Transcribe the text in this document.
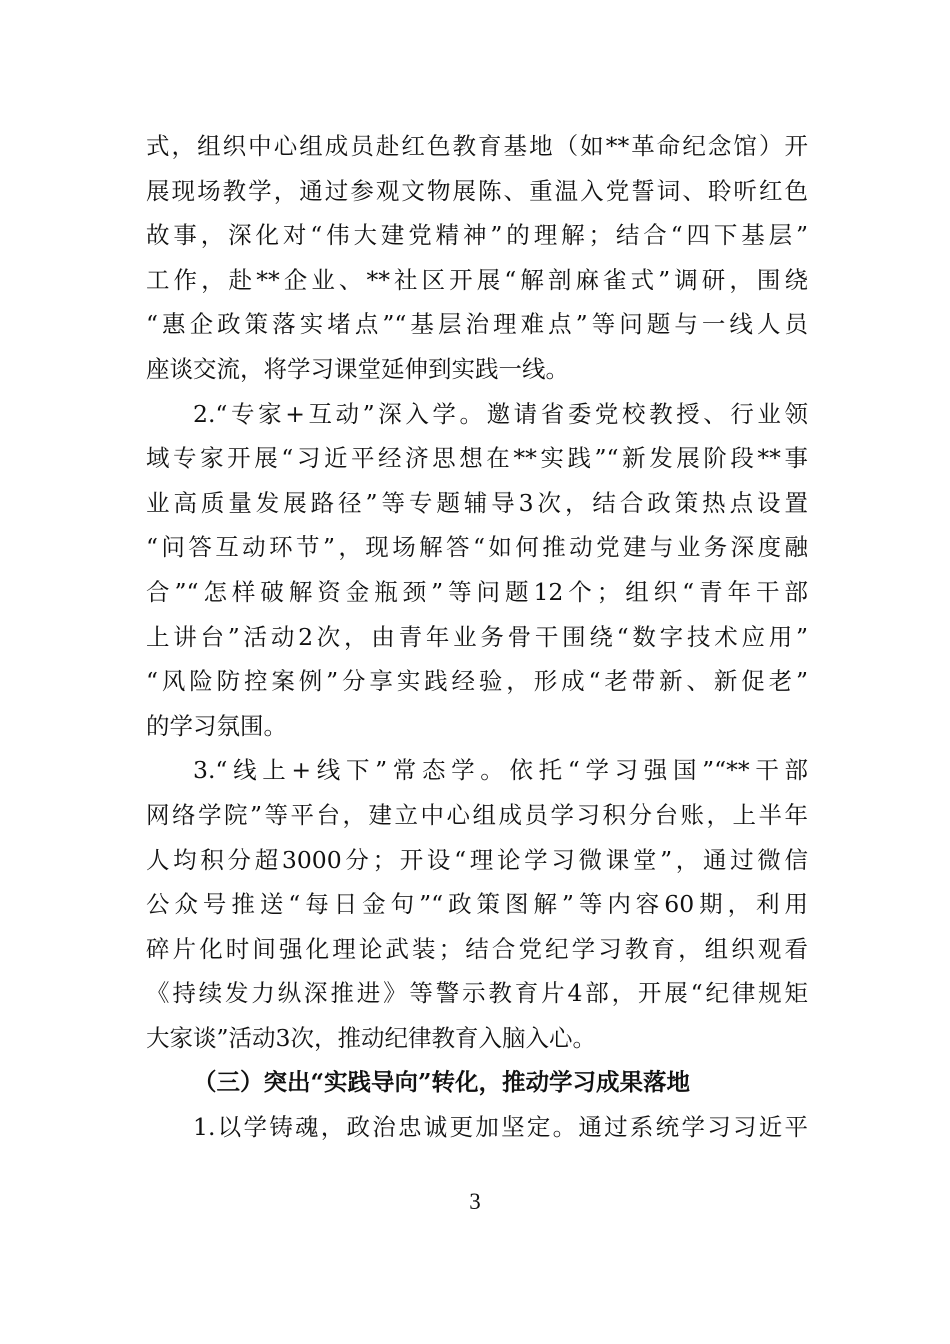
式，组织中心组成员赴红色教育基地（如**革命纪念馆）开
展现场教学，通过参观文物展陈、重温入党誓词、聆听红色
故事，深化对“伟大建党精神”的理解；结合“四下基层”
工作，赴**企业、**社区开展“解剖麻雀式”调研，围绕
“惠企政策落实堵点”“基层治理难点”等问题与一线人员
座谈交流，将学习课堂延伸到实践一线。
2.“专家+互动”深入学。邀请省委党校教授、行业领
域专家开展“习近平经济思想在**实践”“新发展阶段**事
业高质量发展路径”等专题辅导3次，结合政策热点设置
“问答互动环节”，现场解答“如何推动党建与业务深度融
合”“怎样破解资金瓶颈”等问题12个；组织“青年干部
上讲台”活动2次，由青年业务骨干围绕“数字技术应用”
“风险防控案例”分享实践经验，形成“老带新、新促老”
的学习氛围。
3.“线上+线下”常态学。依托“学习强国”“**干部
网络学院”等平台，建立中心组成员学习积分台账，上半年
人均积分超3000分；开设“理论学习微课堂”，通过微信
公众号推送“每日金句”“政策图解”等内容60期，利用
碎片化时间强化理论武装；结合党纪学习教育，组织观看
《持续发力纵深推进》等警示教育片4部，开展“纪律规矩
大家谈”活动3次，推动纪律教育入脑入心。
（三）突出“实践导向”转化，推动学习成果落地
1.以学铸魂，政治忠诚更加坚定。通过系统学习习近平
3
